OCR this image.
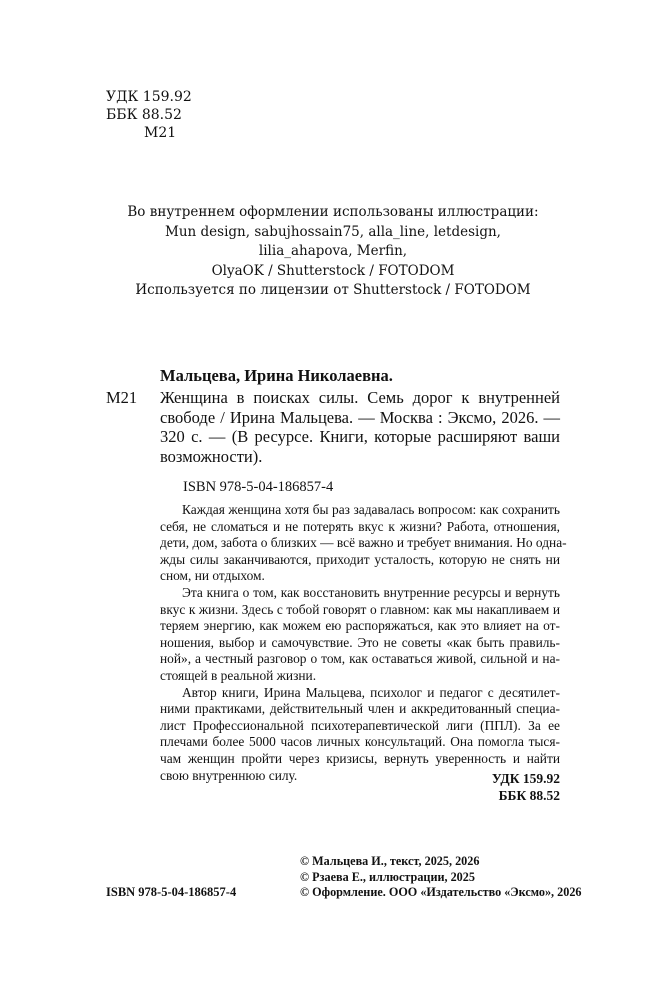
УДК 159.92
ББК 88.52
М21
Во внутреннем оформлении использованы иллюстрации:
Mun design, sabujhossain75, alla_line, letdesign, lilia_ahapova, Merfin,
OlyaOK / Shutterstock / FOTODOM
Используется по лицензии от Shutterstock / FOTODOM
Мальцева, Ирина Николаевна.
М21 Женщина в поисках силы. Семь дорог к внутренней
свободе / Ирина Мальцева. — Москва : Эксмо, 2026. —
320 с. — (В ресурсе. Книги, которые расширяют ваши
возможности).
ISBN 978-5-04-186857-4
Каждая женщина хотя бы раз задавалась вопросом: как сохранить
себя, не сломаться и не потерять вкус к жизни? Работа, отношения,
дети, дом, забота о близких — всё важно и требует внимания. Но одна-
жды силы заканчиваются, приходит усталость, которую не снять ни
сном, ни отдыхом.
Эта книга о том, как восстановить внутренние ресурсы и вернуть
вкус к жизни. Здесь с тобой говорят о главном: как мы накапливаем и
теряем энергию, как можем ею распоряжаться, как это влияет на от-
ношения, выбор и самочувствие. Это не советы «как быть правиль-
ной», а честный разговор о том, как оставаться живой, сильной и на-
стоящей в реальной жизни.
Автор книги, Ирина Мальцева, психолог и педагог с десятилет-
ними практиками, действительный член и аккредитованный специа-
лист Профессиональной психотерапевтической лиги (ППЛ). За ее
плечами более 5000 часов личных консультаций. Она помогла тыся-
чам женщин пройти через кризисы, вернуть уверенность и найти
свою внутреннюю силу.	УДК 159.92
ББК 88.52
© Мальцева И., текст, 2025, 2026
© Рзаева Е., иллюстрации, 2025
© Оформление. ООО «Издательство «Эксмо», 2026
ISBN 978-5-04-186857-4
